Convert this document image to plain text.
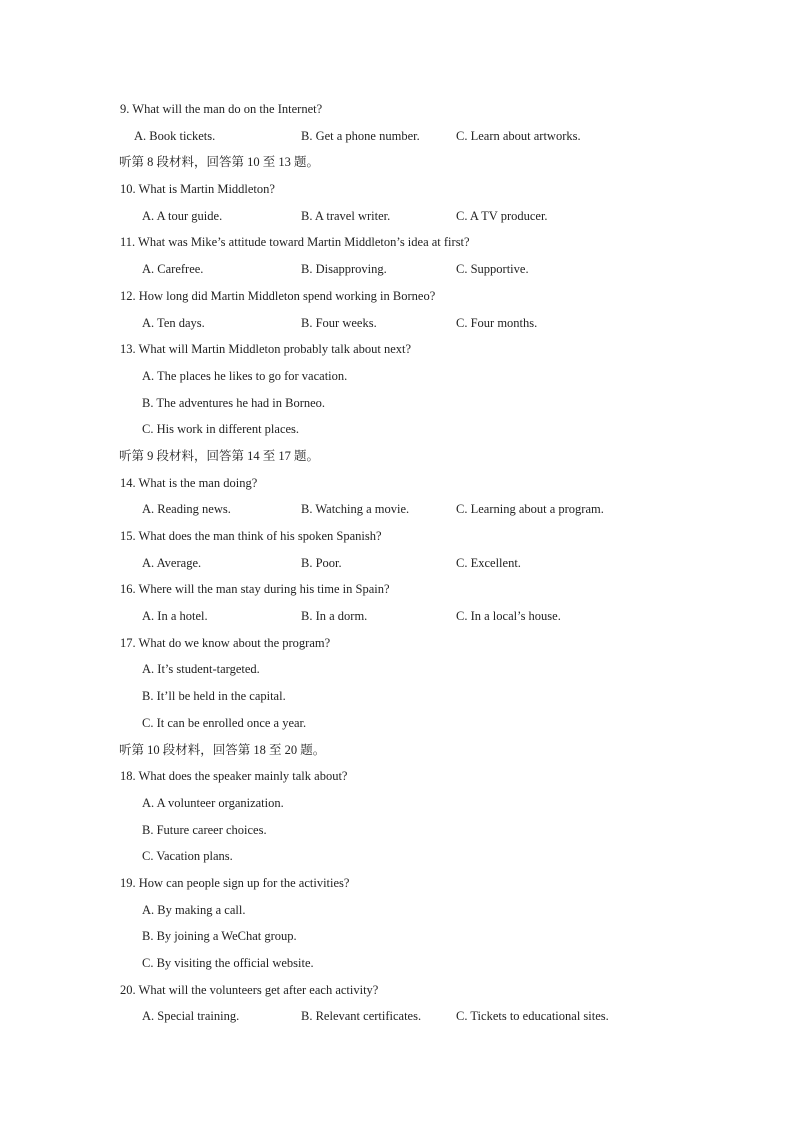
9. What will the man do on the Internet?
A. Book tickets.	B. Get a phone number.	C. Learn about artworks.
听第 8 段材料，回答第 10 至 13 题。
10. What is Martin Middleton?
A. A tour guide.	B. A travel writer.	C. A TV producer.
11. What was Mike’s attitude toward Martin Middleton’s idea at first?
A. Carefree.	B. Disapproving.	C. Supportive.
12. How long did Martin Middleton spend working in Borneo?
A. Ten days.	B. Four weeks.	C. Four months.
13. What will Martin Middleton probably talk about next?
A. The places he likes to go for vacation.
B. The adventures he had in Borneo.
C. His work in different places.
听第 9 段材料，回答第 14 至 17 题。
14. What is the man doing?
A. Reading news.	B. Watching a movie.	C. Learning about a program.
15. What does the man think of his spoken Spanish?
A. Average.	B. Poor.	C. Excellent.
16. Where will the man stay during his time in Spain?
A. In a hotel.	B. In a dorm.	C. In a local’s house.
17. What do we know about the program?
A. It’s student-targeted.
B. It’ll be held in the capital.
C. It can be enrolled once a year.
听第 10 段材料，回答第 18 至 20 题。
18. What does the speaker mainly talk about?
A. A volunteer organization.
B. Future career choices.
C. Vacation plans.
19. How can people sign up for the activities?
A. By making a call.
B. By joining a WeChat group.
C. By visiting the official website.
20. What will the volunteers get after each activity?
A. Special training.	B. Relevant certificates.	C. Tickets to educational sites.
